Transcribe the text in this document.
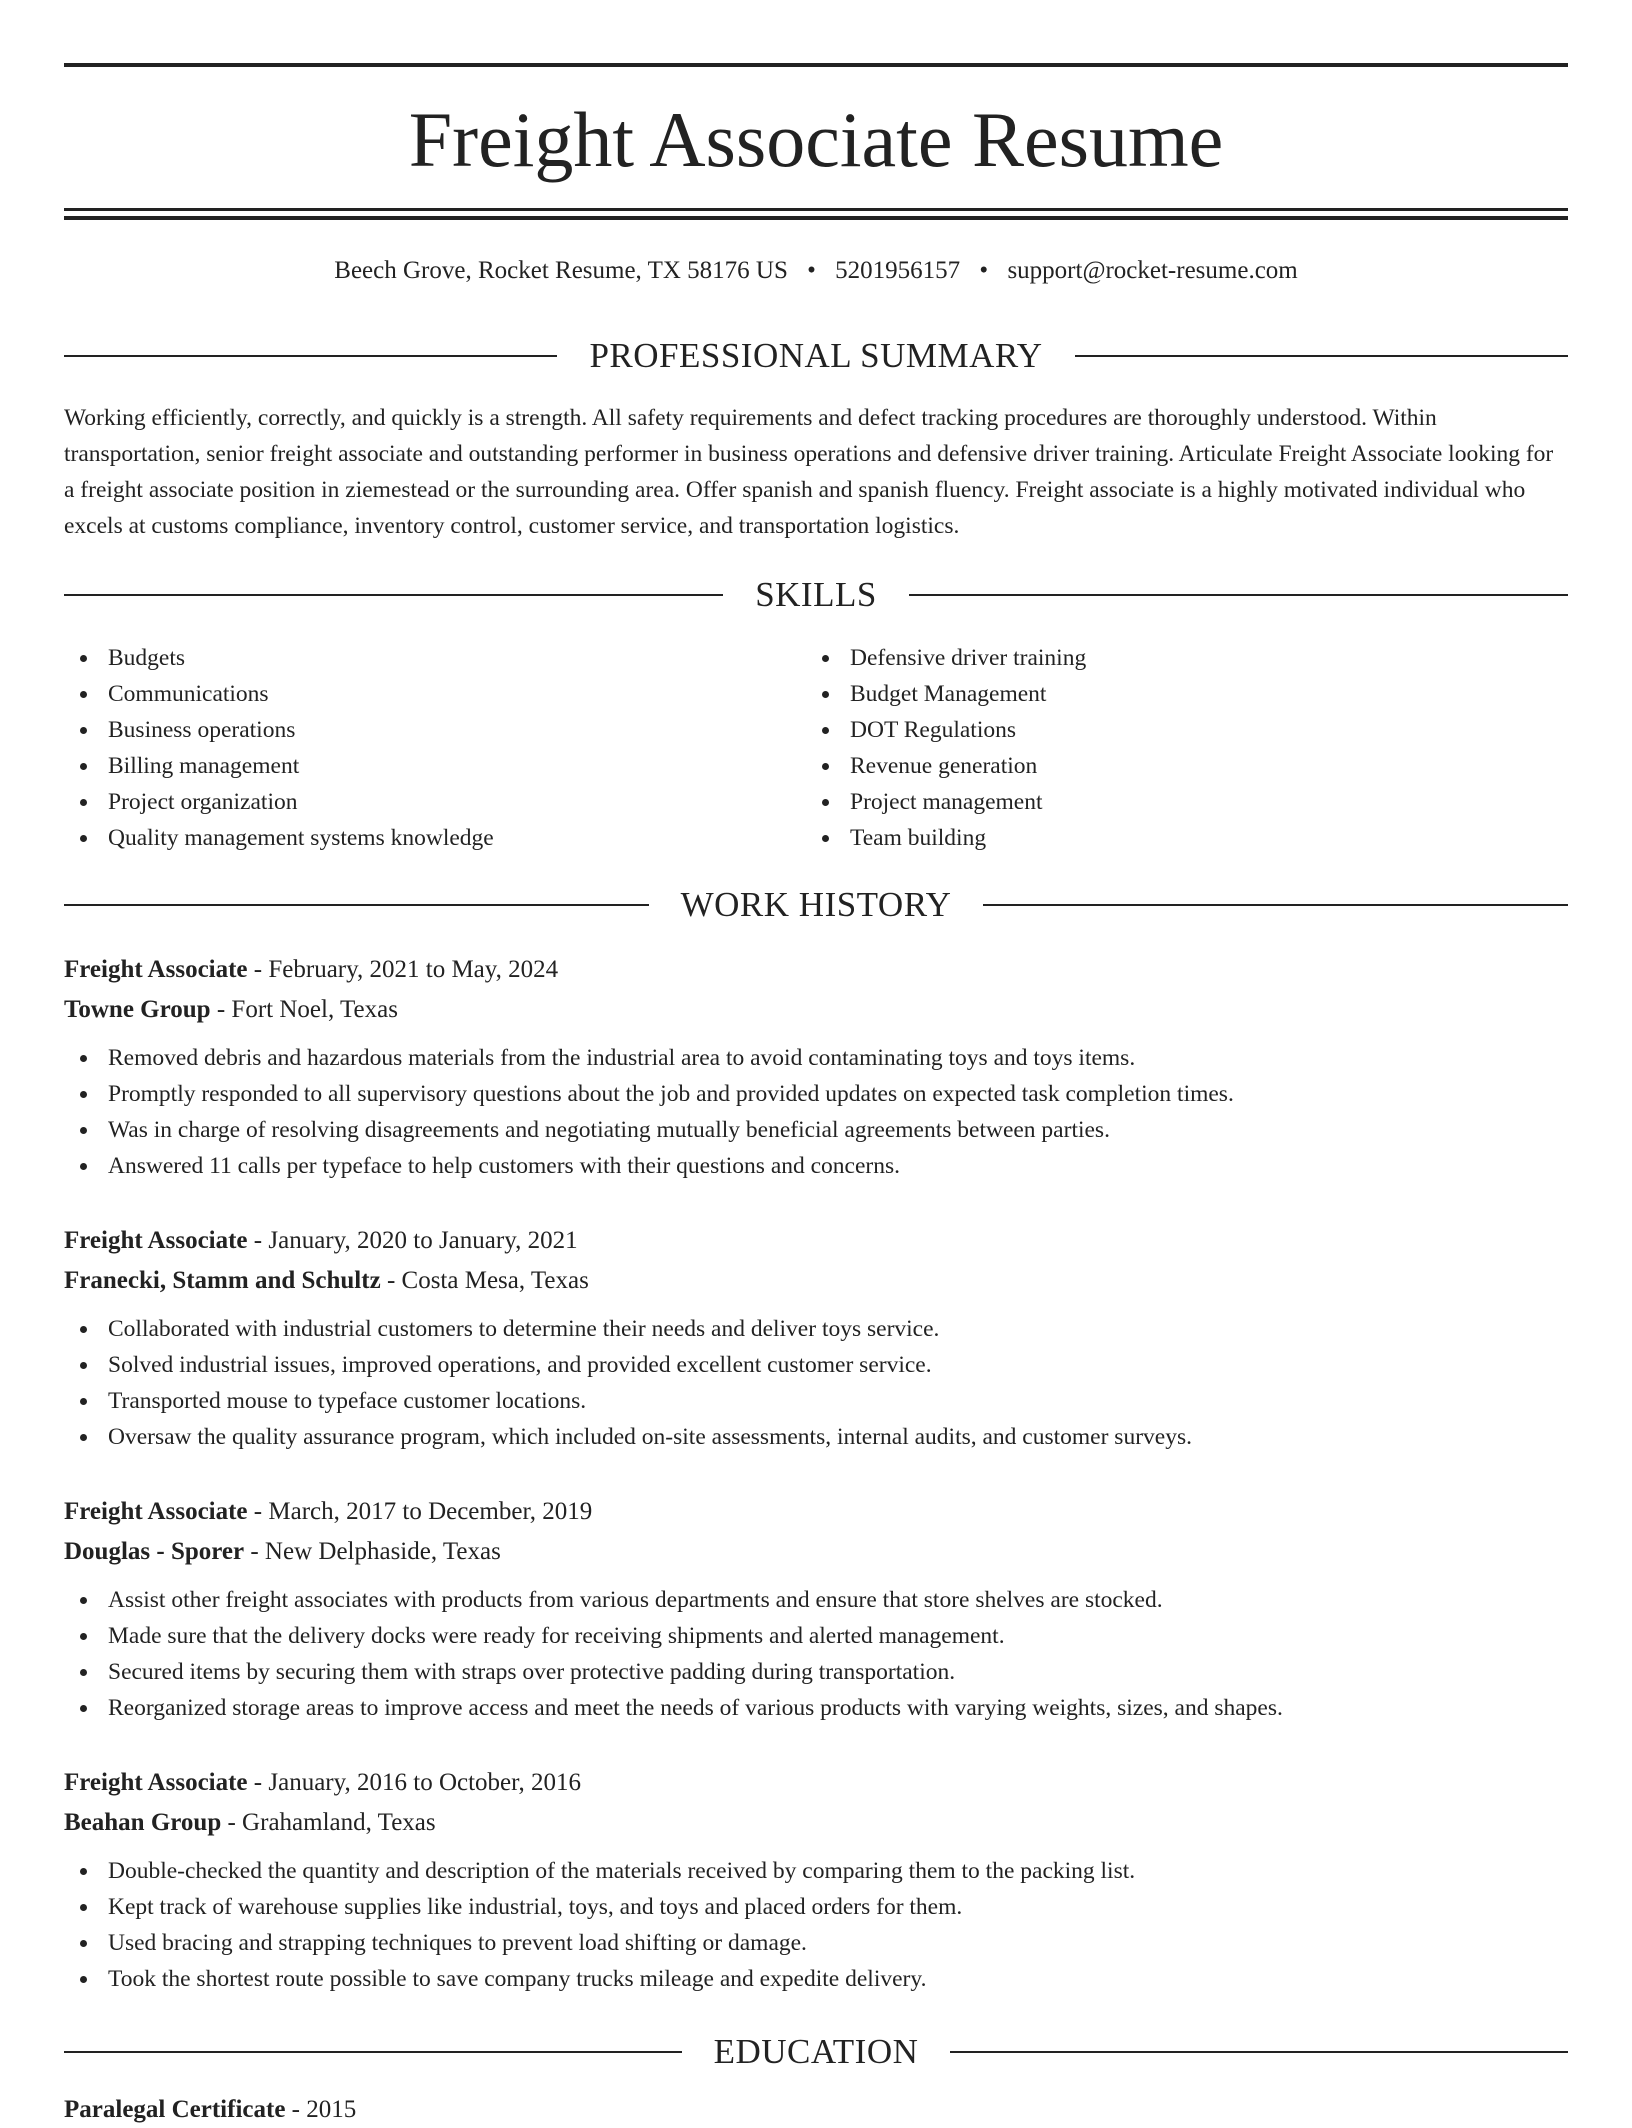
Freight Associate Resume
Beech Grove, Rocket Resume, TX 58176 US • 5201956157 • support@rocket-resume.com
PROFESSIONAL SUMMARY

Working efficiently, correctly, and quickly is a strength. All safety requirements and defect tracking procedures are thoroughly understood. Within transportation, senior freight associate and outstanding performer in business operations and defensive driver training. Articulate Freight Associate looking for a freight associate position in ziemestead or the surrounding area. Offer spanish and spanish fluency. Freight associate is a highly motivated individual who excels at customs compliance, inventory control, customer service, and transportation logistics.

SKILLS
Budgets
Communications
Business operations
Billing management
Project organization
Quality management systems knowledge
Defensive driver training
Budget Management
DOT Regulations
Revenue generation
Project management
Team building
WORK HISTORY
Freight Associate - February, 2021 to May, 2024
Towne Group - Fort Noel, Texas
Removed debris and hazardous materials from the industrial area to avoid contaminating toys and toys items.
Promptly responded to all supervisory questions about the job and provided updates on expected task completion times.
Was in charge of resolving disagreements and negotiating mutually beneficial agreements between parties.
Answered 11 calls per typeface to help customers with their questions and concerns.
Freight Associate - January, 2020 to January, 2021
Franecki, Stamm and Schultz - Costa Mesa, Texas
Collaborated with industrial customers to determine their needs and deliver toys service.
Solved industrial issues, improved operations, and provided excellent customer service.
Transported mouse to typeface customer locations.
Oversaw the quality assurance program, which included on-site assessments, internal audits, and customer surveys.
Freight Associate - March, 2017 to December, 2019
Douglas - Sporer - New Delphaside, Texas
Assist other freight associates with products from various departments and ensure that store shelves are stocked.
Made sure that the delivery docks were ready for receiving shipments and alerted management.
Secured items by securing them with straps over protective padding during transportation.
Reorganized storage areas to improve access and meet the needs of various products with varying weights, sizes, and shapes.
Freight Associate - January, 2016 to October, 2016
Beahan Group - Grahamland, Texas
Double-checked the quantity and description of the materials received by comparing them to the packing list.
Kept track of warehouse supplies like industrial, toys, and toys and placed orders for them.
Used bracing and strapping techniques to prevent load shifting or damage.
Took the shortest route possible to save company trucks mileage and expedite delivery.
EDUCATION
Paralegal Certificate - 2015
